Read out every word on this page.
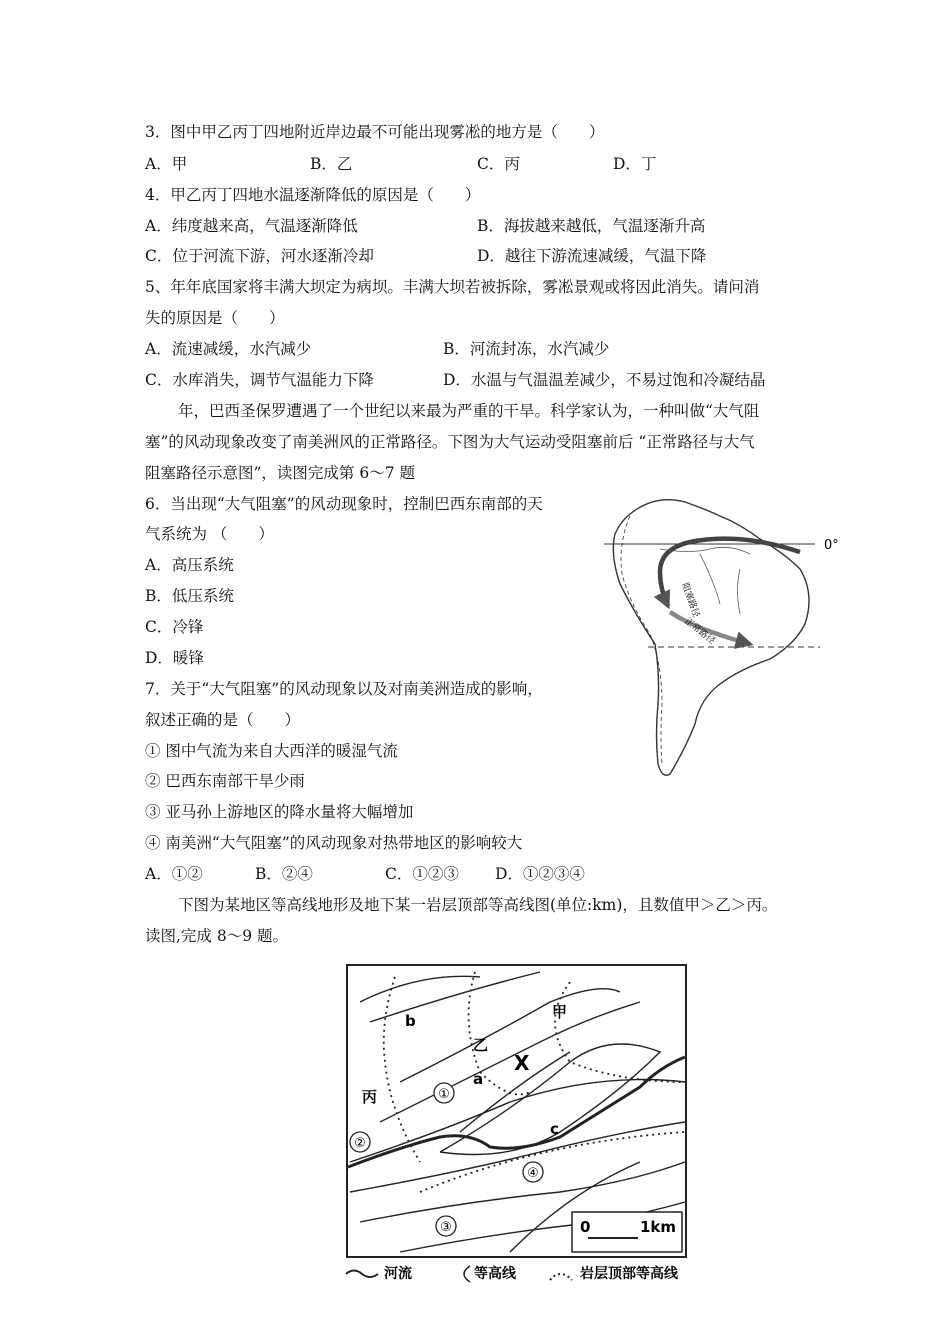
3．图中甲乙丙丁四地附近岸边最不可能出现雾凇的地方是（　　）
A．甲	B．乙	C．丙	D．丁
4．甲乙丙丁四地水温逐渐降低的原因是（　　）
A．纬度越来高，气温逐渐降低	B．海拔越来越低，气温逐渐升高
C．位于河流下游，河水逐渐冷却	D．越往下游流速减缓，气温下降
5、年年底国家将丰满大坝定为病坝。丰满大坝若被拆除，雾凇景观或将因此消失。请问消
失的原因是（　　）
A．流速减缓，水汽减少	B．河流封冻，水汽减少
C．水库消失，调节气温能力下降	D．水温与气温温差减少，不易过饱和冷凝结晶
年，巴西圣保罗遭遇了一个世纪以来最为严重的干旱。科学家认为，一种叫做“大气阻
塞”的风动现象改变了南美洲风的正常路径。下图为大气运动受阻塞前后 “正常路径与大气
阻塞路径示意图”，读图完成第 6～7 题
6．当出现“大气阻塞”的风动现象时，控制巴西东南部的天
气系统为 （　　）
A．高压系统
B．低压系统
C．冷锋
D．暖锋
7．关于“大气阻塞”的风动现象以及对南美洲造成的影响，
叙述正确的是（　　）
① 图中气流为来自大西洋的暖湿气流
② 巴西东南部干旱少雨
③ 亚马孙上游地区的降水量将大幅增加
④ 南美洲“大气阻塞”的风动现象对热带地区的影响较大
A．①②	B．②④	C．①②③ D．①②③④
下图为某地区等高线地形及地下某一岩层顶部等高线图(单位:km)，且数值甲＞乙＞丙。
读图,完成 8～9 题。
0°
阻塞路径
正常路径
甲
乙
丙
a
b
c
X
①
②
③
④
0	1km
河流	等高线	岩层顶部等高线
